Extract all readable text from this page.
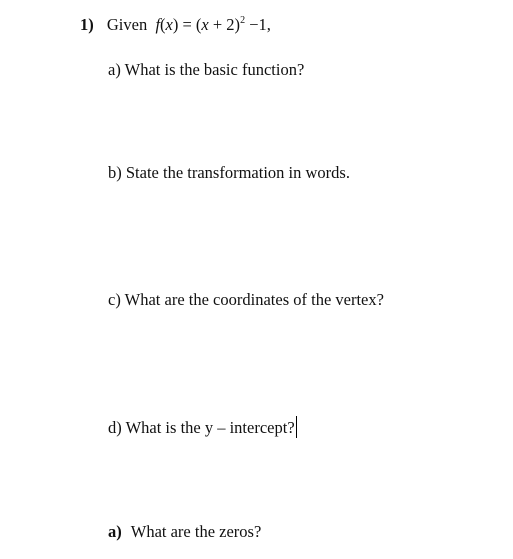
1) Given $f(x) = (x + 2)^2 -1$,
a) What is the basic function?
b) State the transformation in words.
c) What are the coordinates of the vertex?
d) What is the y – intercept?
a) What are the zeros?
